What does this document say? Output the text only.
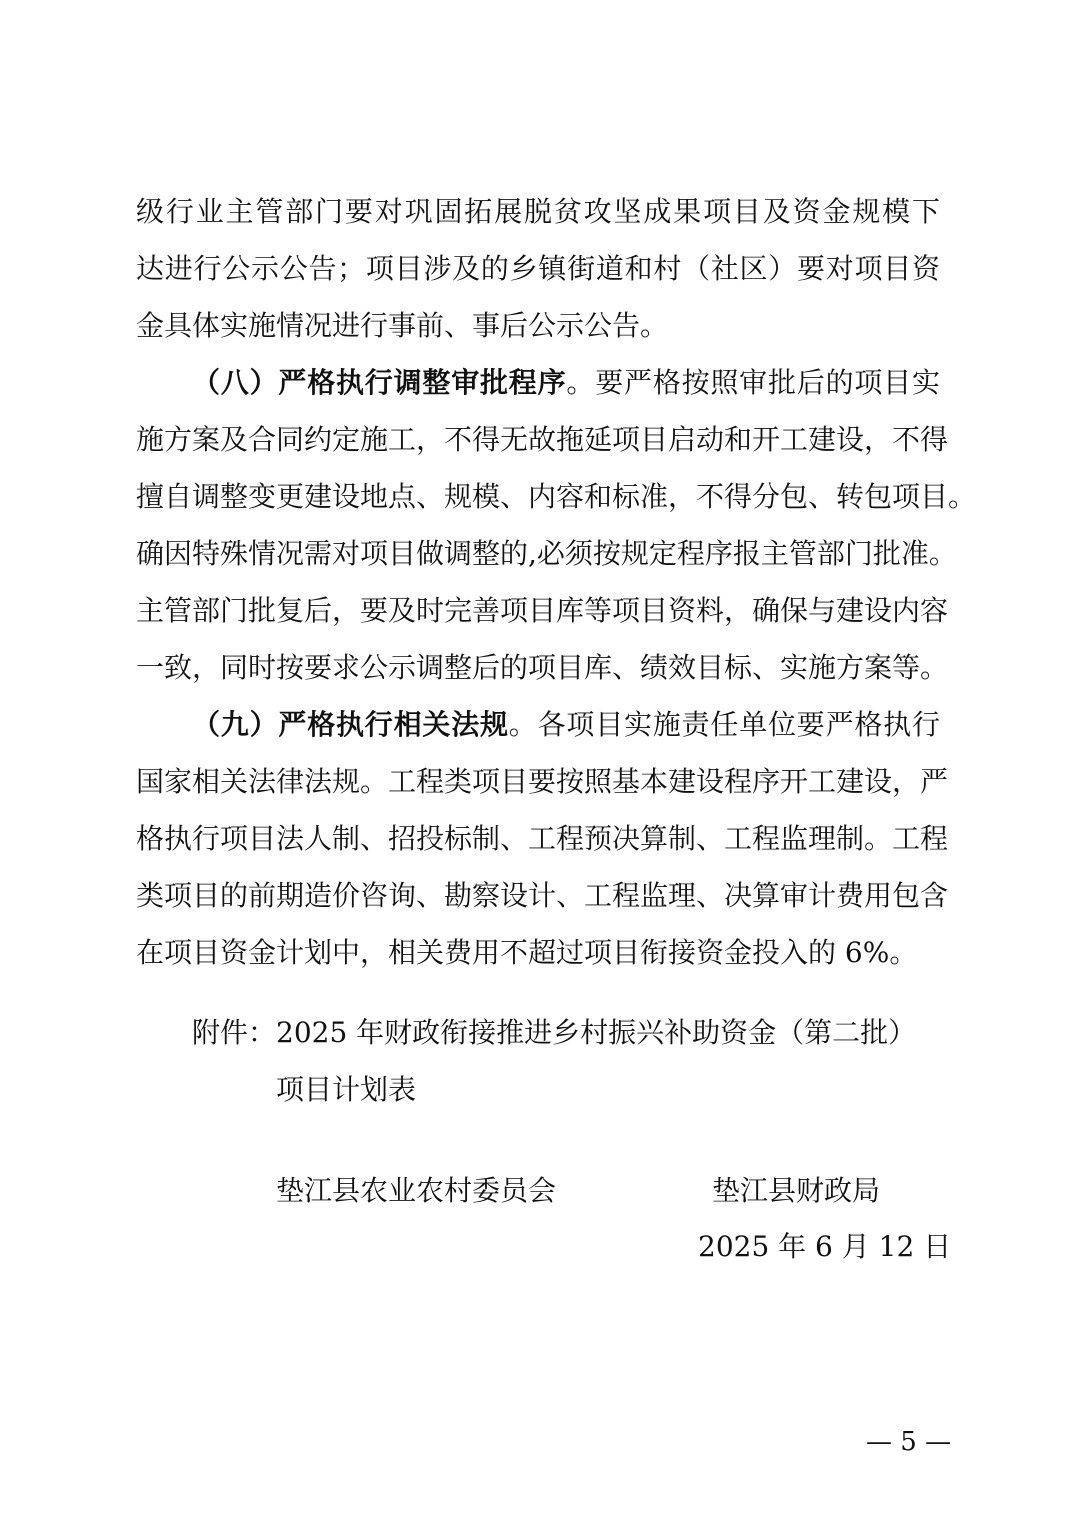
级行业主管部门要对巩固拓展脱贫攻坚成果项目及资金规模下
达进行公示公告；项目涉及的乡镇街道和村（社区）要对项目资
金具体实施情况进行事前、事后公示公告。
（八）严格执行调整审批程序。要严格按照审批后的项目实
施方案及合同约定施工，不得无故拖延项目启动和开工建设，不得
擅自调整变更建设地点、规模、内容和标准，不得分包、转包项目。
确因特殊情况需对项目做调整的,必须按规定程序报主管部门批准。
主管部门批复后，要及时完善项目库等项目资料，确保与建设内容
一致，同时按要求公示调整后的项目库、绩效目标、实施方案等。
（九）严格执行相关法规。各项目实施责任单位要严格执行
国家相关法律法规。工程类项目要按照基本建设程序开工建设，严
格执行项目法人制、招投标制、工程预决算制、工程监理制。工程
类项目的前期造价咨询、勘察设计、工程监理、决算审计费用包含
在项目资金计划中，相关费用不超过项目衔接资金投入的 6%。
附件： 2025 年财政衔接推进乡村振兴补助资金（第二批）
项目计划表
垫江县农业农村委员会	垫江县财政局
2025 年 6 月 12 日
— 5 —
